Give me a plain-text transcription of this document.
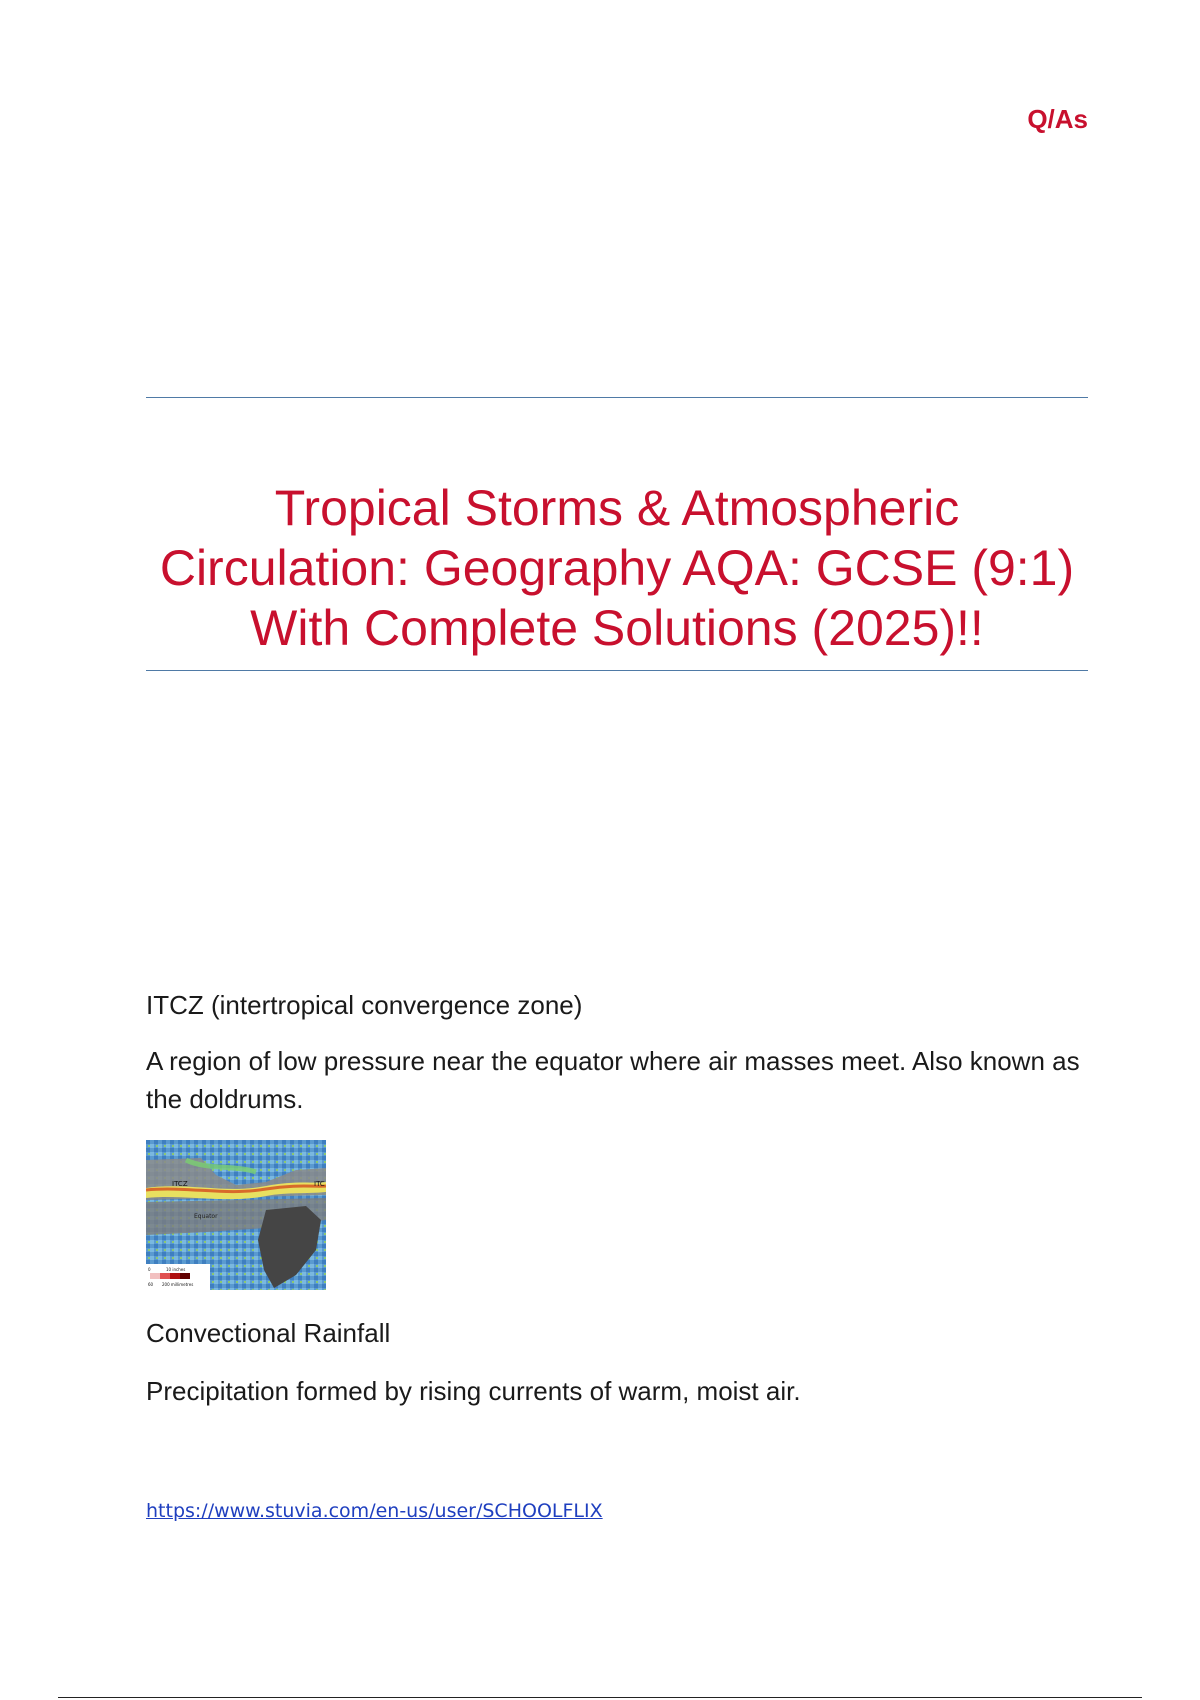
Q/As
Tropical Storms & Atmospheric Circulation: Geography AQA: GCSE (9:1) With Complete Solutions (2025)!!
ITCZ (intertropical convergence zone)
A region of low pressure near the equator where air masses meet. Also known as the doldrums.
ITCZ	ITC
Equator
0	10 inches
60 200 millimetres
Convectional Rainfall
Precipitation formed by rising currents of warm, moist air.
https://www.stuvia.com/en-us/user/SCHOOLFLIX
